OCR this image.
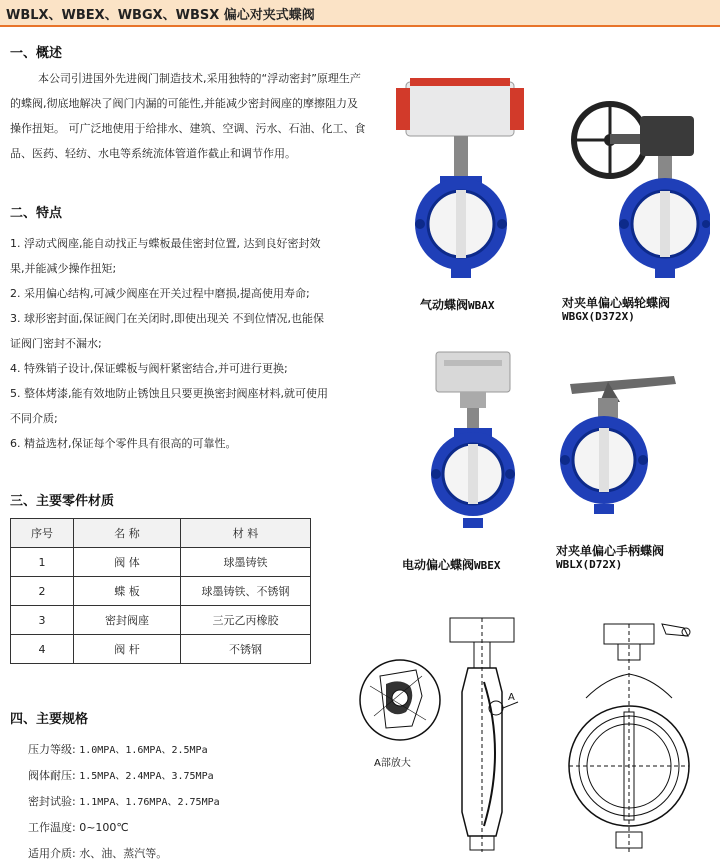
WBLX、WBEX、WBGX、WBSX 偏心对夹式蝶阀
一、概述

本公司引进国外先进阀门制造技术,采用独特的“浮动密封”原理生产

的蝶阀,彻底地解决了阀门内漏的可能性,并能减少密封阀座的摩擦阻力及

操作扭矩。 可广泛地使用于给排水、建筑、空调、污水、石油、化工、食

品、医药、轻纺、水电等系统流体管道作截止和调节作用。

二、特点
1. 浮动式阀座,能自动找正与蝶板最佳密封位置, 达到良好密封效
果,并能减少操作扭矩;
2. 采用偏心结构,可减少阀座在开关过程中磨损,提高使用寿命;
3. 球形密封面,保证阀门在关闭时,即使出现关 不到位情况,也能保
证阀门密封不漏水;
4. 特殊销子设计,保证蝶板与阀杆紧密结合,并可进行更换;
5. 整体烤漆,能有效地防止锈蚀且只要更换密封阀座材料,就可使用
不同介质;
6. 精益选材,保证每个零件具有很高的可靠性。
三、主要零件材质
序号	名 称	材 料
1	阀 体	球墨铸铁
2	蝶 板	球墨铸铁、不锈钢
3	密封阀座	三元乙丙橡胶
4	阀 杆	不锈钢
四、主要规格
压力等级: 1.0MPA、1.6MPA、2.5MPa
阀体耐压: 1.5MPA、2.4MPA、3.75MPa
密封试验: 1.1MPA、1.76MPA、2.75MPa
工作温度: 0~100℃
适用介质: 水、油、蒸汽等。
气动蝶阀WBAX	对夹单偏心蜗轮蝶阀
WBGX(D372X)
电动偏心蝶阀WBEX
对夹单偏心手柄蝶阀
WBLX(D72X)
A部放大
A
